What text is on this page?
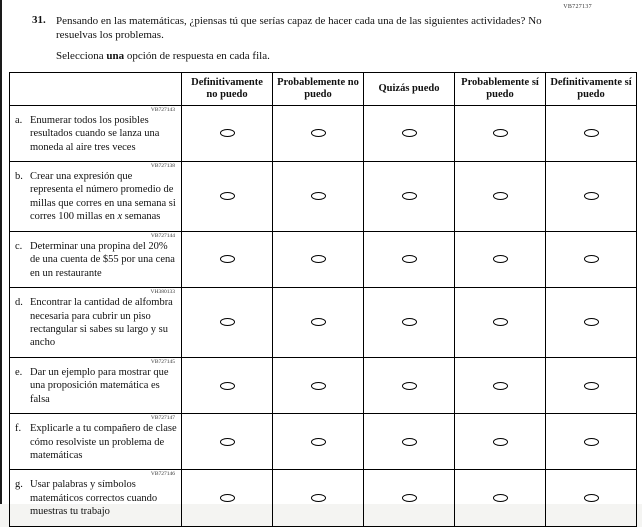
VB727137
31. Pensando en las matemáticas, ¿piensas tú que serías capaz de hacer cada una de las siguientes actividades? No resuelvas los problemas.
Selecciona una opción de respuesta en cada fila.
	Definitivamente no puedo	Probablemente no puedo	Quizás puedo	Probablemente sí puedo	Definitivamente sí puedo

VB727143
a. Enumerar todos los posibles resultados cuando se lanza una moneda al aire tres veces					

VB727138
b. Crear una expresión que representa el número promedio de millas que corres en una semana si corres 100 millas en x semanas					

VB727144
c. Determinar una propina del 20% de una cuenta de $55 por una cena en un restaurante					

VH380133
d. Encontrar la cantidad de alfombra necesaria para cubrir un piso rectangular si sabes su largo y su ancho					

VB727145
e. Dar un ejemplo para mostrar que una proposición matemática es falsa					

VB727147
f. Explicarle a tu compañero de clase cómo resolviste un problema de matemáticas					

VB727146
g. Usar palabras y símbolos matemáticos correctos cuando muestras tu trabajo					
